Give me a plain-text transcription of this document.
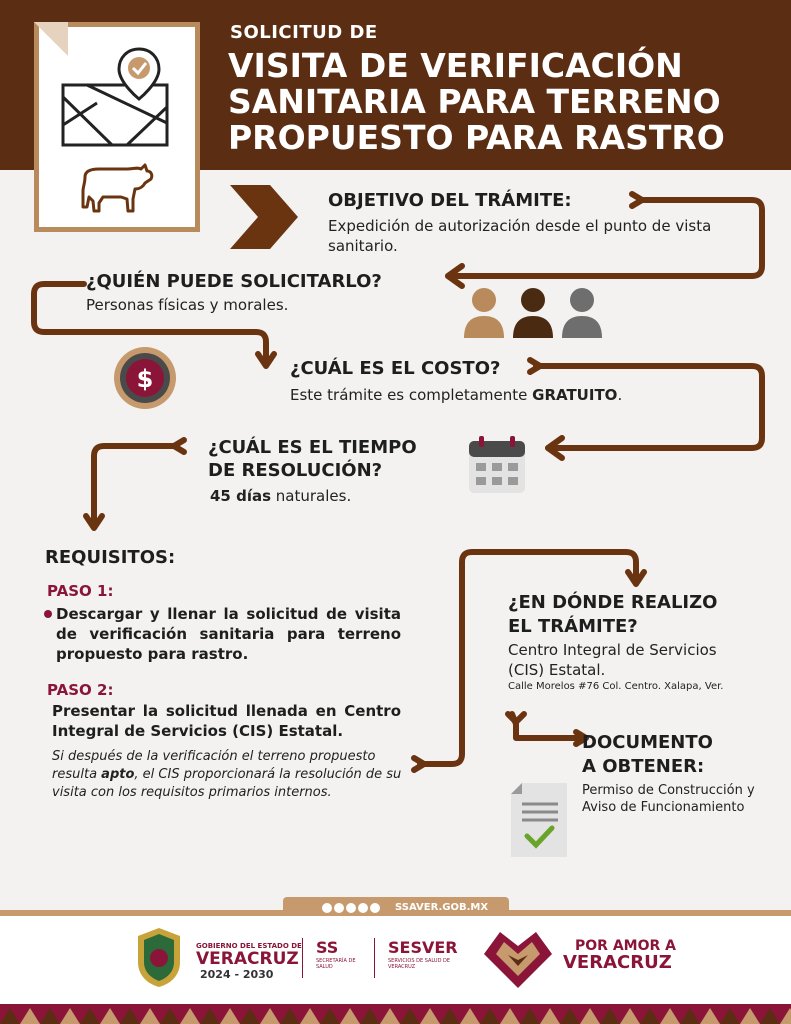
SOLICITUD DE
VISITA DE VERIFICACIÓN SANITARIA PARA TERRENO PROPUESTO PARA RASTRO
OBJETIVO DEL TRÁMITE:
Expedición de autorización desde el punto de vista sanitario.
¿QUIÉN PUEDE SOLICITARLO?
Personas físicas y morales.
$	¿CUÁL ES EL COSTO?
Este trámite es completamente GRATUITO.
¿CUÁL ES EL TIEMPO
DE RESOLUCIÓN?
45 días naturales.
REQUISITOS:
PASO 1:
Descargar y llenar la solicitud de visita de verificación sanitaria para terreno propuesto para rastro.
PASO 2:
Presentar la solicitud llenada en Centro Integral de Servicios (CIS) Estatal.
Si después de la verificación el terreno propuesto resulta apto, el CIS proporcionará la resolución de su visita con los requisitos primarios internos.
¿EN DÓNDE REALIZO
EL TRÁMITE?
Centro Integral de Servicios (CIS) Estatal.
Calle Morelos #76 Col. Centro. Xalapa, Ver.
DOCUMENTO
A OBTENER:
Permiso de Construcción y Aviso de Funcionamiento
SSAVER.GOB.MX
GOBIERNO DEL ESTADO DE
VERACRUZ
2024 - 2030
SS
SECRETARÍA DE SALUD
SESVER
SERVICIOS DE SALUD DE VERACRUZ
POR AMOR A
VERACRUZ
